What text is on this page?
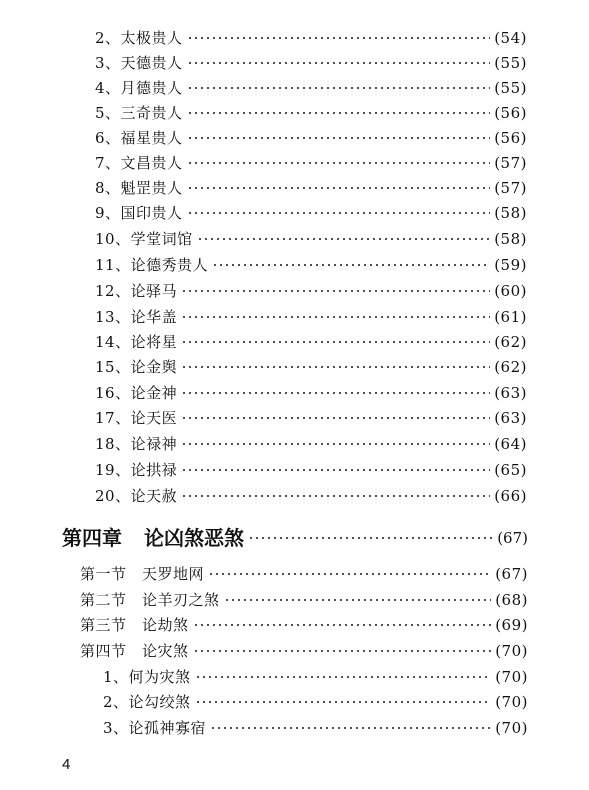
2、太极贵人	(54)
3、天德贵人	(55)
4、月德贵人	(55)
5、三奇贵人	(56)
6、福星贵人	(56)
7、文昌贵人	(57)
8、魁罡贵人	(57)
9、国印贵人	(58)
10、学堂词馆	(58)
11、论德秀贵人	(59)
12、论驿马	(60)
13、论华盖	(61)
14、论将星	(62)
15、论金舆	(62)
16、论金神	(63)
17、论天医	(63)
18、论禄神	(64)
19、论拱禄	(65)
20、论天赦	(66)
第四章 论凶煞恶煞	(67)
第一节　天罗地网	(67)
第二节　论羊刃之煞	(68)
第三节　论劫煞	(69)
第四节　论灾煞	(70)
1、何为灾煞	(70)
2、论勾绞煞	(70)
3、论孤神寡宿	(70)
4
